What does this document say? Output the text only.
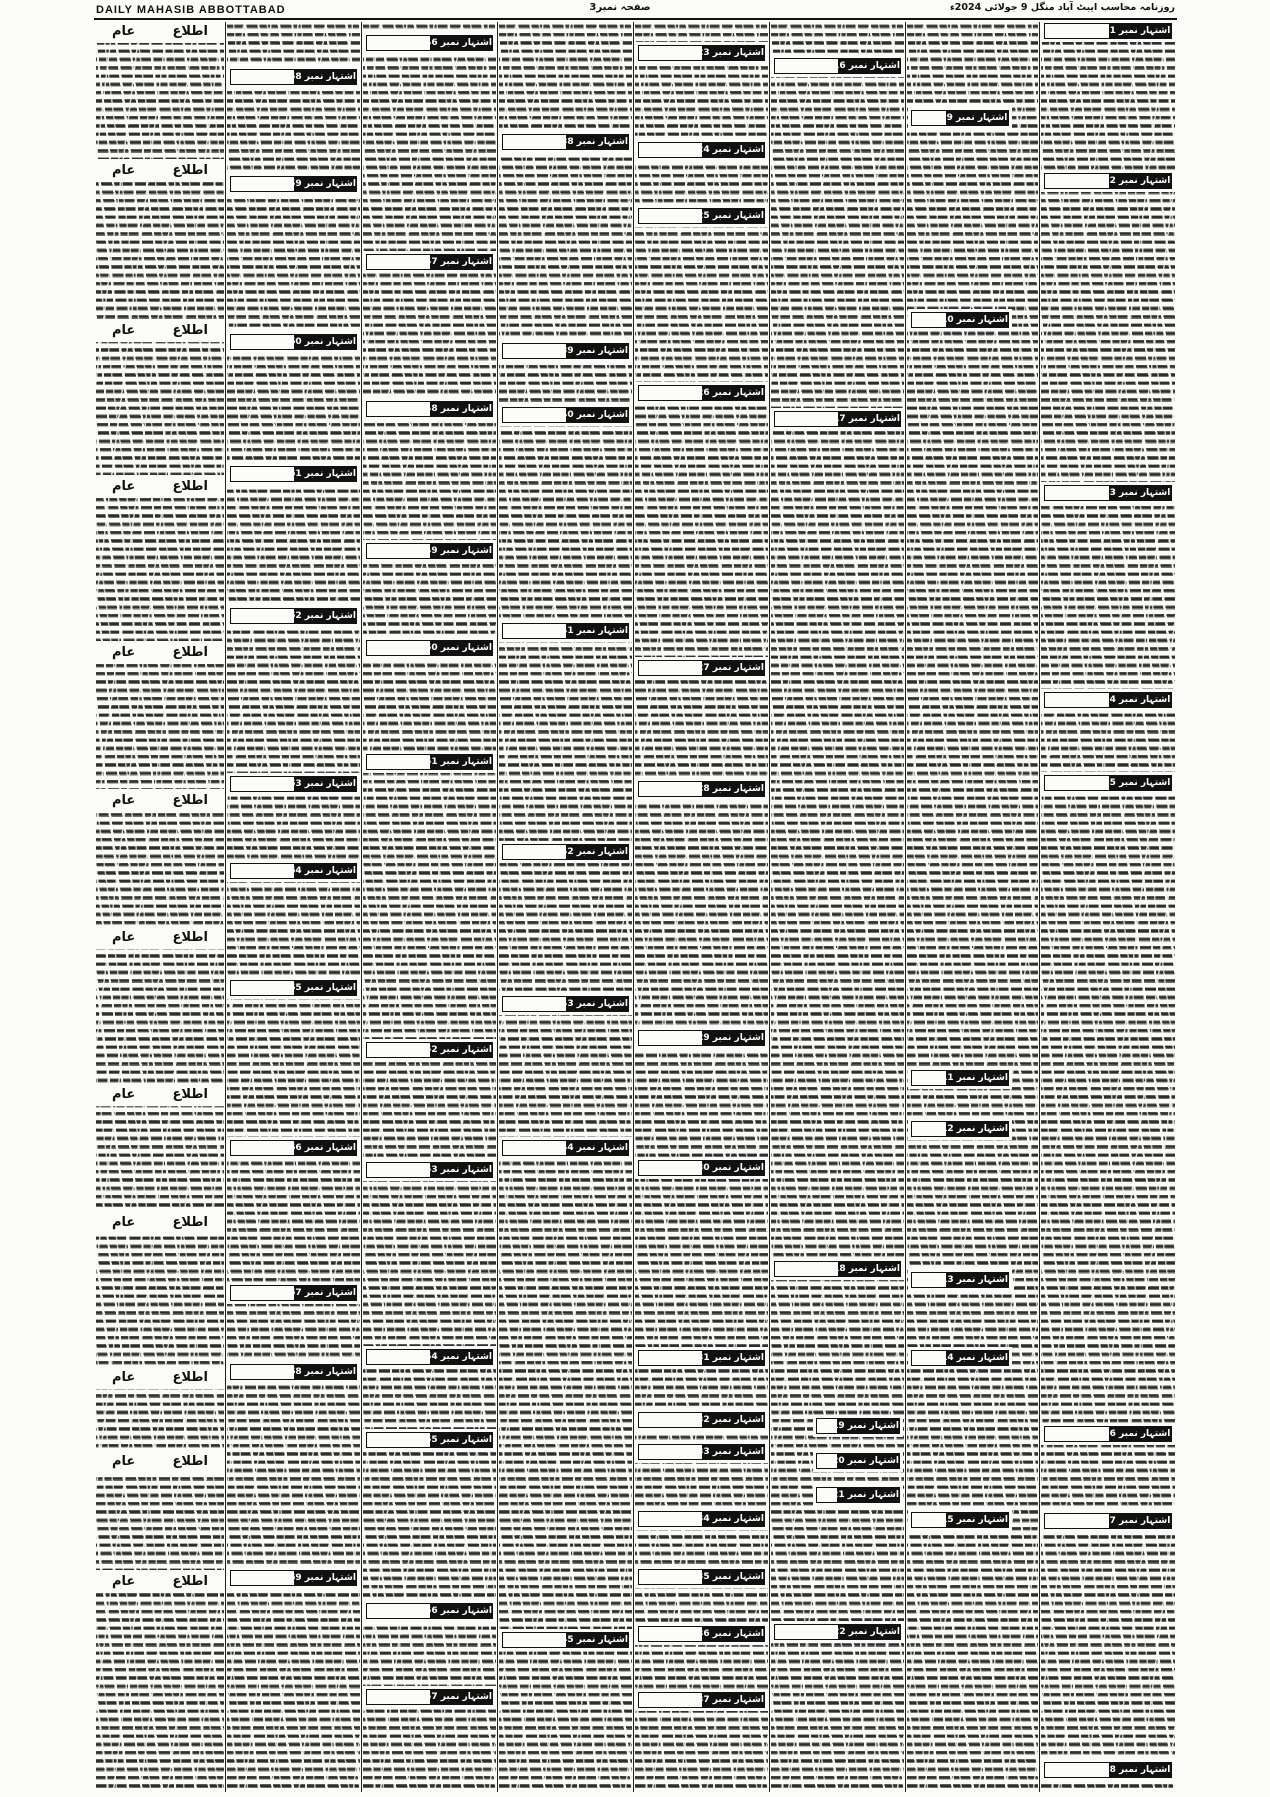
DAILY MAHASIB ABBOTTABAD	صفحہ نمبر3	روزنامہ محاسب ایبٹ آباد منگل 9 جولائی 2024ء
اشتہار نمبر 1
اشتہار نمبر 2
اشتہار نمبر 3
اشتہار نمبر 4
اشتہار نمبر 5
اشتہار نمبر 6
اشتہار نمبر 7
اشتہار نمبر 8
اشتہار نمبر 9
اشتہار نمبر 10
اشتہار نمبر 11
اشتہار نمبر 12
اشتہار نمبر 13
اشتہار نمبر 14
اشتہار نمبر 15
اشتہار نمبر 16
اشتہار نمبر 17
اشتہار نمبر 18
اشتہار نمبر 19
اشتہار نمبر 20
اشتہار نمبر 21
اشتہار نمبر 22
اشتہار نمبر 23
اشتہار نمبر 24
اشتہار نمبر 25
اشتہار نمبر 26
اشتہار نمبر 27
اشتہار نمبر 28
اشتہار نمبر 29
اشتہار نمبر 30
اشتہار نمبر 31
اشتہار نمبر 32
اشتہار نمبر 33
اشتہار نمبر 34
اشتہار نمبر 35
اشتہار نمبر 36
اشتہار نمبر 37
اشتہار نمبر 38
اشتہار نمبر 39
اشتہار نمبر 40
اشتہار نمبر 41
اشتہار نمبر 42
اشتہار نمبر 43
اشتہار نمبر 44
اشتہار نمبر 45
اشتہار نمبر 46
اشتہار نمبر 47
اشتہار نمبر 48
اشتہار نمبر 49
اشتہار نمبر 50
اشتہار نمبر 51
اشتہار نمبر 52
اشتہار نمبر 53
اشتہار نمبر 54
اشتہار نمبر 55
اشتہار نمبر 56
اشتہار نمبر 57
اشتہار نمبر 58
اشتہار نمبر 59
اشتہار نمبر 60
اشتہار نمبر 61
اشتہار نمبر 62
اشتہار نمبر 63
اشتہار نمبر 64
اشتہار نمبر 65
اشتہار نمبر 66
اشتہار نمبر 67
اشتہار نمبر 68
اشتہار نمبر 69
اطلاع عام
اطلاع عام
اطلاع عام
اطلاع عام
اطلاع عام
اطلاع عام
اطلاع عام
اطلاع عام
اطلاع عام
اطلاع عام
اطلاع عام
اطلاع عام
